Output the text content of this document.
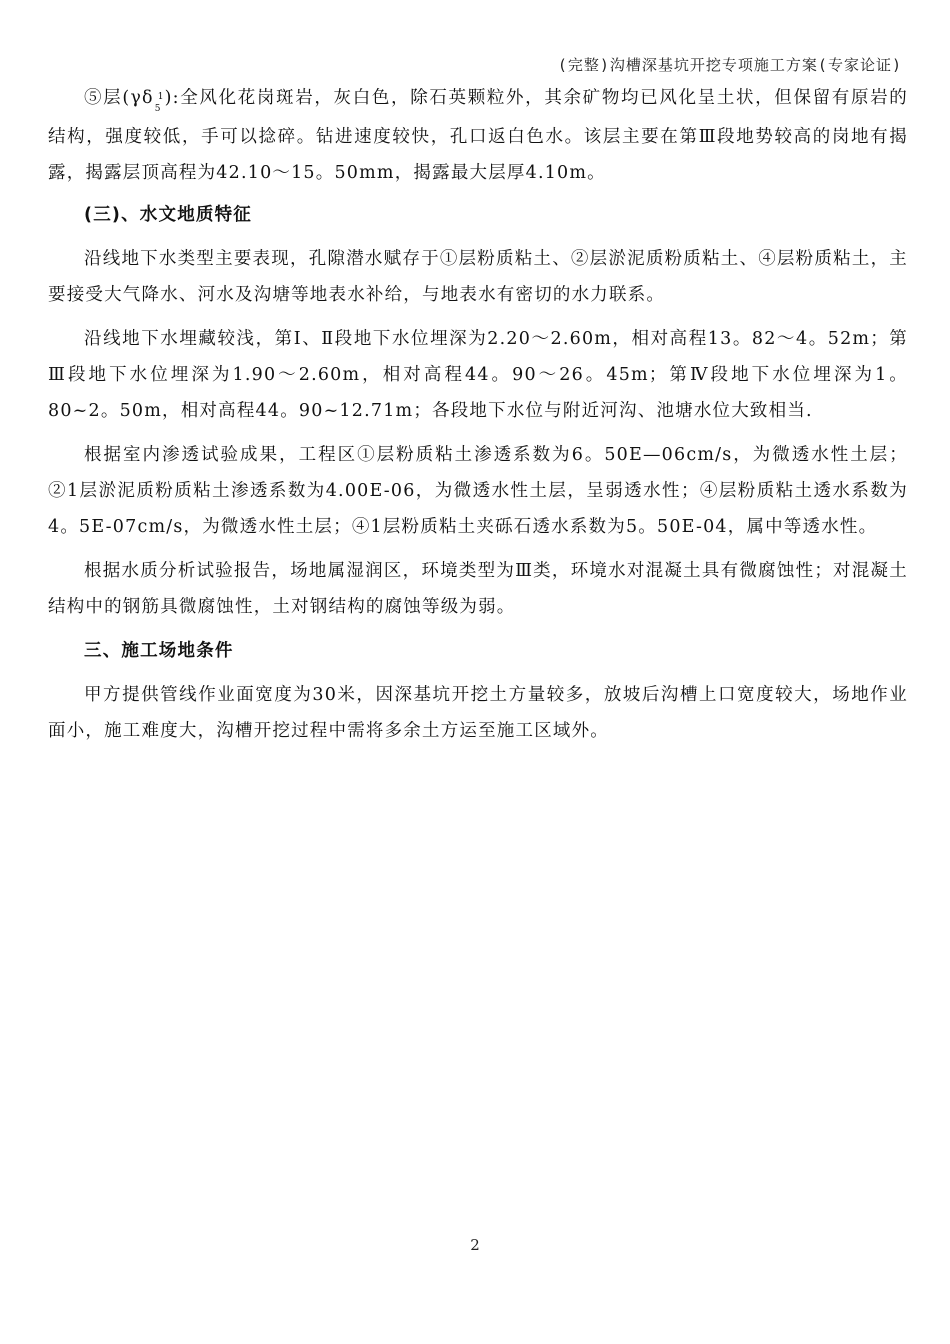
(完整)沟槽深基坑开挖专项施工方案(专家论证)

⑤层$(\gamma\delta_5^1)$:全风化花岗斑岩，灰白色，除石英颗粒外，其余矿物均已风化呈土状，但保留有原岩的结构，强度较低，手可以捻碎。钻进速度较快，孔口返白色水。该层主要在第Ⅲ段地势较高的岗地有揭露，揭露层顶高程为42.10～15。50mm，揭露最大层厚4.10m。

(三)、水文地质特征

沿线地下水类型主要表现，孔隙潜水赋存于①层粉质粘土、②层淤泥质粉质粘土、④层粉质粘土，主要接受大气降水、河水及沟塘等地表水补给，与地表水有密切的水力联系。

沿线地下水埋藏较浅，第Ⅰ、Ⅱ段地下水位埋深为2.20～2.60m，相对高程13。82～4。52m；第Ⅲ段地下水位埋深为1.90～2.60m，相对高程44。90～26。45m；第Ⅳ段地下水位埋深为1。80~2。50m，相对高程44。90~12.71m；各段地下水位与附近河沟、池塘水位大致相当.

根据室内渗透试验成果，工程区①层粉质粘土渗透系数为6。50E—06cm/s，为微透水性土层；②1层淤泥质粉质粘土渗透系数为4.00E-06，为微透水性土层，呈弱透水性；④层粉质粘土透水系数为4。5E-07cm/s，为微透水性土层；④1层粉质粘土夹砾石透水系数为5。50E-04，属中等透水性。

根据水质分析试验报告，场地属湿润区，环境类型为Ⅲ类，环境水对混凝土具有微腐蚀性；对混凝土结构中的钢筋具微腐蚀性，土对钢结构的腐蚀等级为弱。

三、施工场地条件

甲方提供管线作业面宽度为30米，因深基坑开挖土方量较多，放坡后沟槽上口宽度较大，场地作业面小，施工难度大，沟槽开挖过程中需将多余土方运至施工区域外。

2
